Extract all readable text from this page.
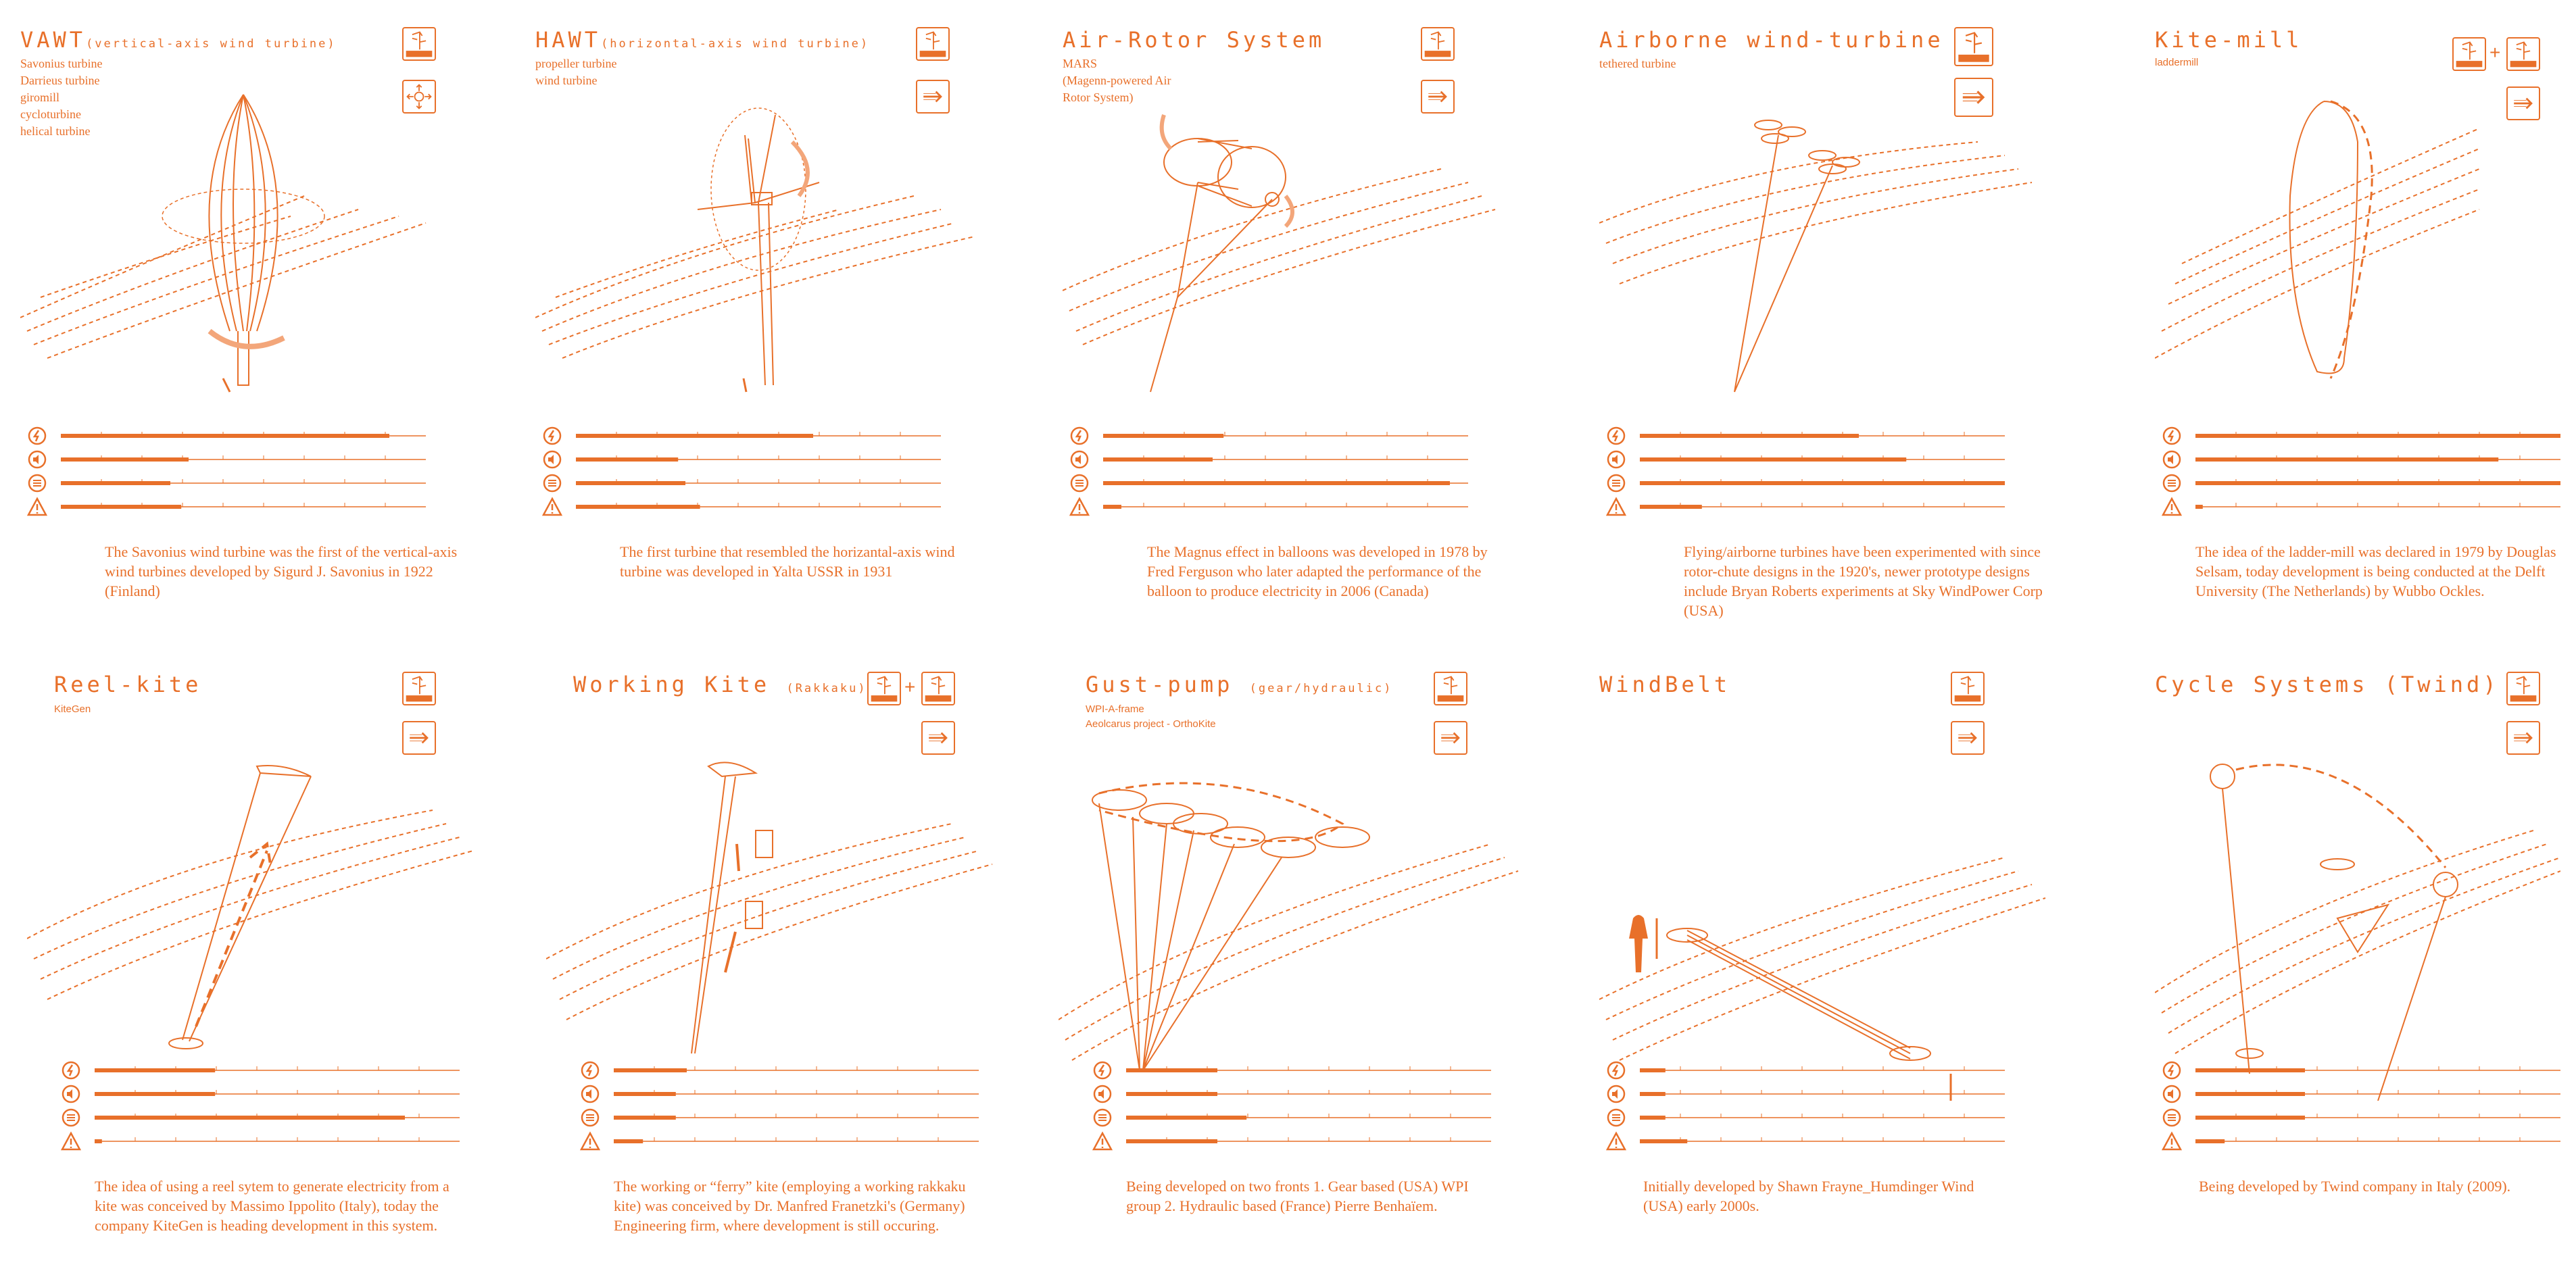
VAWT(vertical-axis wind turbine)
Savonius turbine
Darrieus turbine
giromill
cycloturbine
helical turbine
The Savonius wind turbine was the first of the vertical-axis wind turbines developed by Sigurd J. Savonius in 1922 (Finland)
HAWT(horizontal-axis wind turbine)
propeller turbine
wind turbine
The first turbine that resembled the horizantal-axis wind turbine was developed in Yalta USSR in 1931
Air-Rotor System
MARS
(Magenn-powered Air
Rotor System)
The Magnus effect in balloons was developed in 1978 by Fred Ferguson who later adapted the performance of the balloon to produce electricity in 2006 (Canada)
Airborne wind-turbine
tethered turbine
Flying/airborne turbines have been experimented with since rotor-chute designs in the 1920's, newer prototype designs include Bryan Roberts experiments at Sky WindPower Corp (USA)
Kite-mill
laddermill	+
The idea of the ladder-mill was declared in 1979 by Douglas Selsam, today development is being conducted at the Delft University (The Netherlands) by Wubbo Ockles.
Reel-kite
KiteGen
The idea of using a reel sytem to generate electricity from a kite was conceived by Massimo Ippolito (Italy), today the company KiteGen is heading development in this system.
Working Kite (Rakkaku) +
The working or “ferry” kite (employing a working rakkaku kite) was conceived by Dr. Manfred Franetzki's (Germany) Engineering firm, where development is still occuring.
Gust-pump (gear/hydraulic)
WPI-A-frame
Aeolcarus project - OrthoKite
Being developed on two fronts 1. Gear based (USA) WPI group 2. Hydraulic based (France) Pierre Benhaïem.
WindBelt
Initially developed by Shawn Frayne_Humdinger Wind (USA) early 2000s.
Cycle Systems (Twind)
Being developed by Twind company in Italy (2009).
